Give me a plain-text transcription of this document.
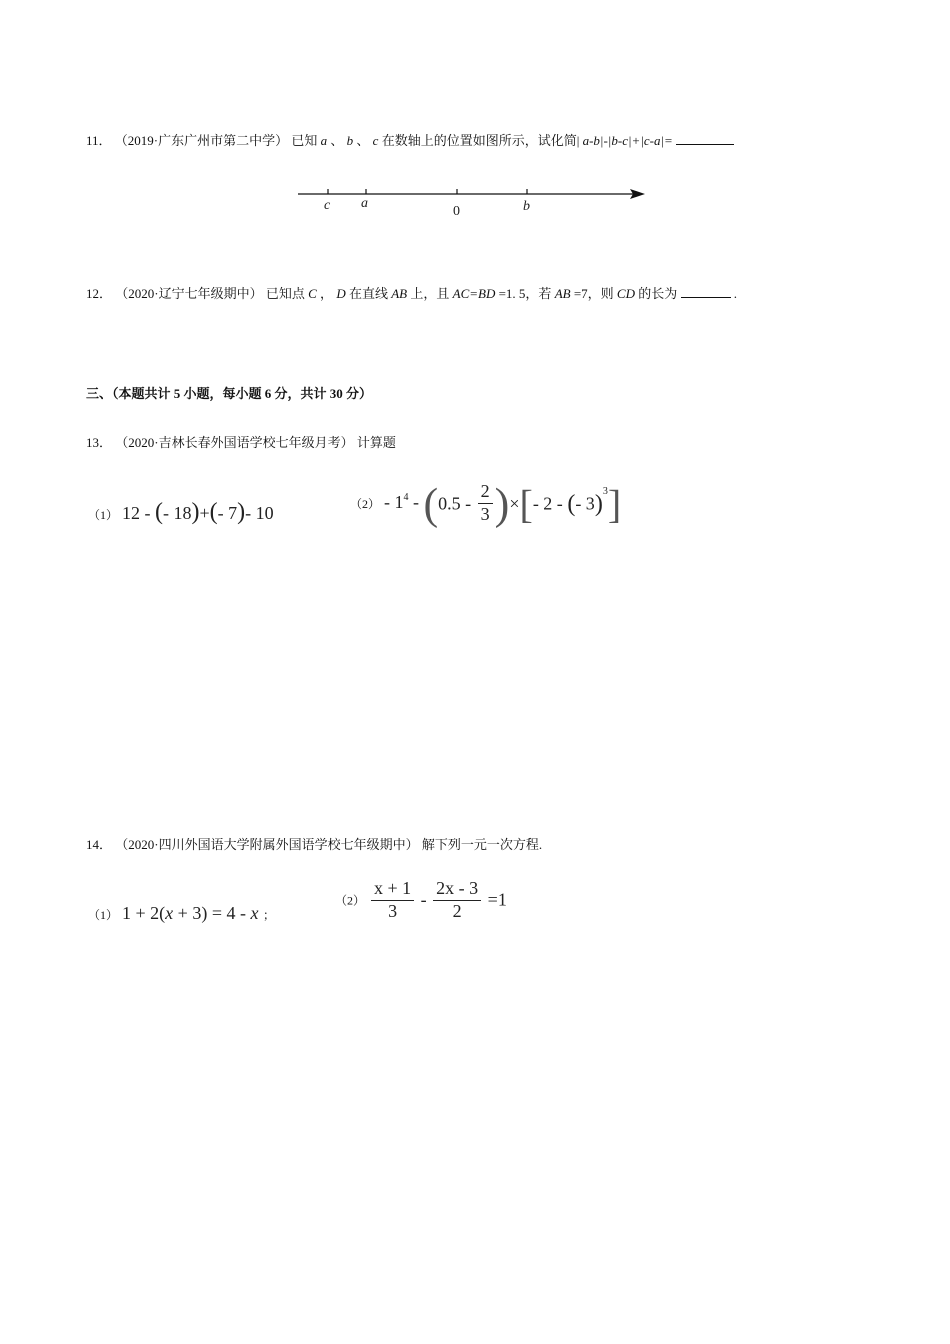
11． （2019·广东广州市第二中学） 已知 a 、 b 、 c 在数轴上的位置如图所示，试化简| a-b|-|b-c|+|c-a|=
c a
0	b
12． （2020·辽宁七年级期中） 已知点 C ， D 在直线 AB 上，且 AC=BD =1. 5，若 AB =7，则 CD 的长为	.
三、（本题共计 5 小题，每小题 6 分，共计 30 分）
13． （2020·吉林长春外国语学校七年级月考） 计算题
（1） 12 - (- 18)+(- 7)- 10	$(2) - 1^4 - (0.5 - \frac{2}{3}$ )×[- 2 - (- 3)$^3$]
14． （2020·四川外国语大学附属外国语学校七年级期中） 解下列一元一次方程.
（1） 1 + 2(x + 3) = 4 - x ；
$(2) \frac{x + 1}{3} - \frac{2x - 3}{2} =1$
